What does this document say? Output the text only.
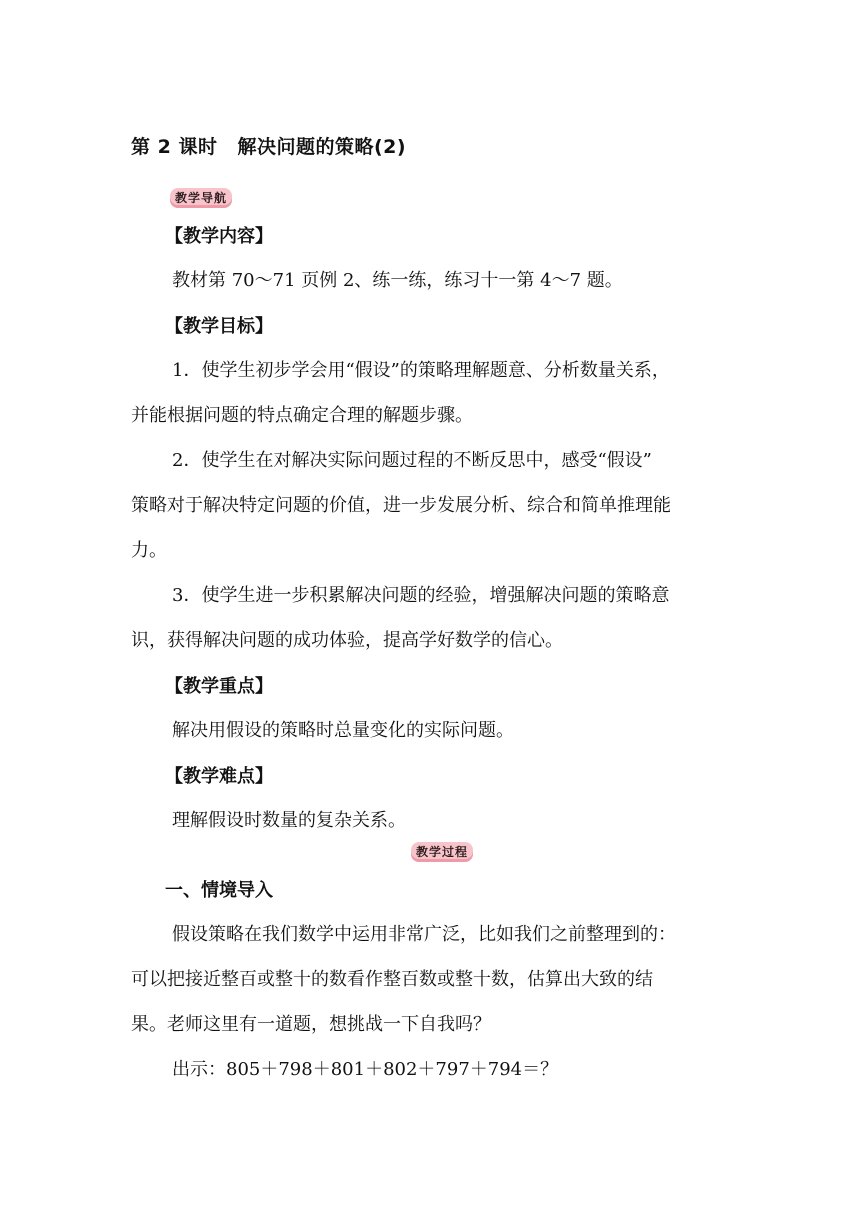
第 2 课时 解决问题的策略(2)
教学导航
【教学内容】
教材第 70～71 页例 2、练一练，练习十一第 4～7 题。
【教学目标】
1．使学生初步学会用“假设”的策略理解题意、分析数量关系，
并能根据问题的特点确定合理的解题步骤。
2．使学生在对解决实际问题过程的不断反思中，感受“假设”
策略对于解决特定问题的价值，进一步发展分析、综合和简单推理能
力。
3．使学生进一步积累解决问题的经验，增强解决问题的策略意
识，获得解决问题的成功体验，提高学好数学的信心。
【教学重点】
解决用假设的策略时总量变化的实际问题。
【教学难点】
理解假设时数量的复杂关系。
教学过程
一、情境导入
假设策略在我们数学中运用非常广泛，比如我们之前整理到的：
可以把接近整百或整十的数看作整百数或整十数，估算出大致的结
果。老师这里有一道题，想挑战一下自我吗？
出示：805＋798＋801＋802＋797＋794＝？
